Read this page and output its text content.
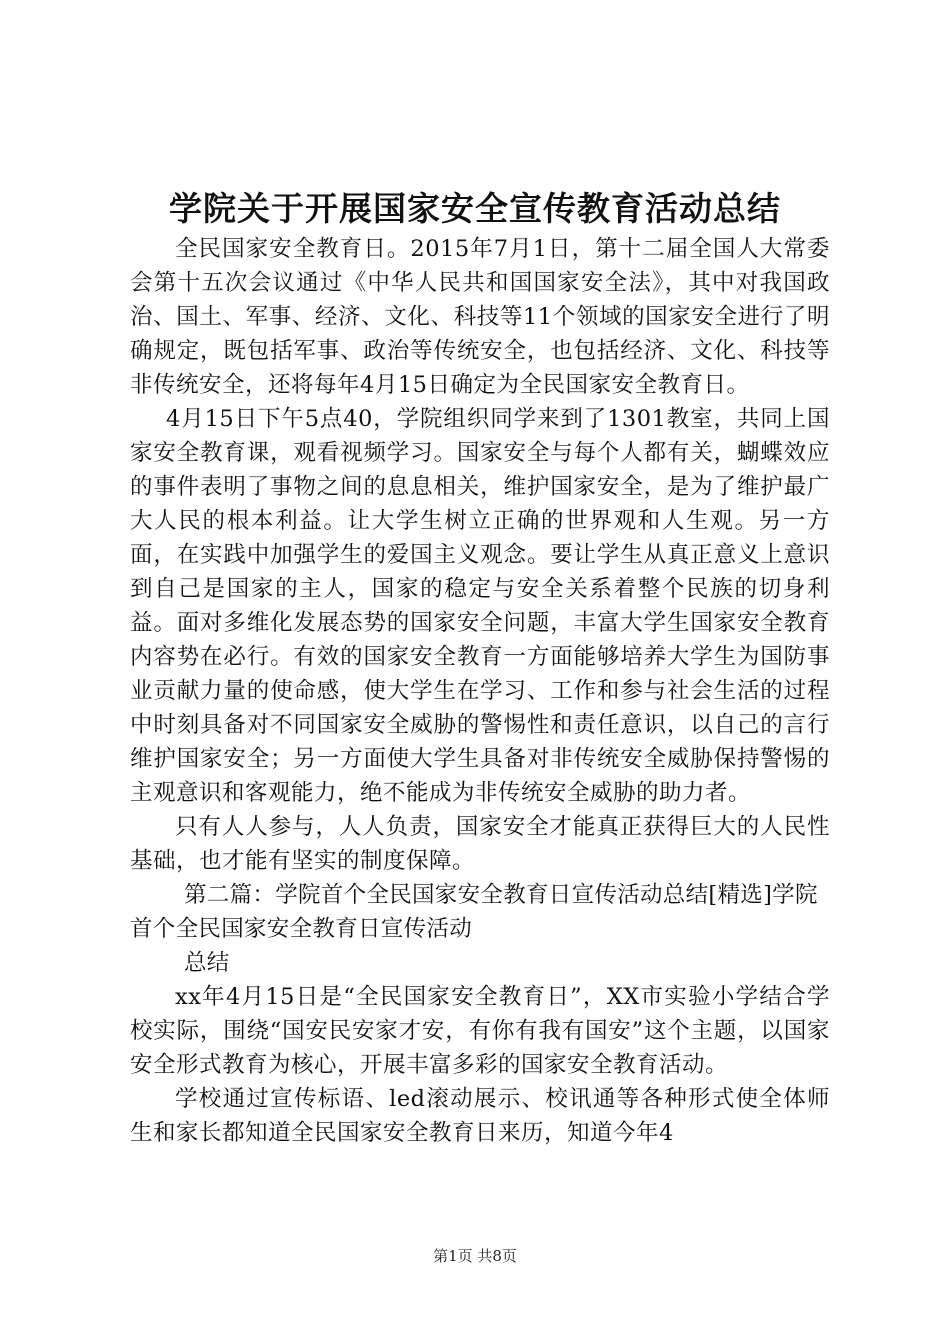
学院关于开展国家安全宣传教育活动总结

全民国家安全教育日。2015年7月1日，第十二届全国人大常委会第十五次会议通过《中华人民共和国国家安全法》，其中对我国政治、国土、军事、经济、文化、科技等11个领域的国家安全进行了明确规定，既包括军事、政治等传统安全，也包括经济、文化、科技等非传统安全，还将每年4月15日确定为全民国家安全教育日。

4月15日下午5点40，学院组织同学来到了1301教室，共同上国家安全教育课，观看视频学习。国家安全与每个人都有关，蝴蝶效应的事件表明了事物之间的息息相关，维护国家安全，是为了维护最广大人民的根本利益。让大学生树立正确的世界观和人生观。另一方面，在实践中加强学生的爱国主义观念。要让学生从真正意义上意识到自己是国家的主人，国家的稳定与安全关系着整个民族的切身利益。面对多维化发展态势的国家安全问题，丰富大学生国家安全教育内容势在必行。有效的国家安全教育一方面能够培养大学生为国防事业贡献力量的使命感，使大学生在学习、工作和参与社会生活的过程中时刻具备对不同国家安全威胁的警惕性和责任意识，以自己的言行维护国家安全；另一方面使大学生具备对非传统安全威胁保持警惕的主观意识和客观能力，绝不能成为非传统安全威胁的助力者。

只有人人参与，人人负责，国家安全才能真正获得巨大的人民性基础，也才能有坚实的制度保障。

第二篇：学院首个全民国家安全教育日宣传活动总结[精选]学院首个全民国家安全教育日宣传活动

总结

xx年4月15日是“全民国家安全教育日”，XX市实验小学结合学校实际，围绕“国安民安家才安，有你有我有国安”这个主题，以国家安全形式教育为核心，开展丰富多彩的国家安全教育活动。

学校通过宣传标语、led滚动展示、校讯通等各种形式使全体师生和家长都知道全民国家安全教育日来历，知道今年4

第1页 共8页
